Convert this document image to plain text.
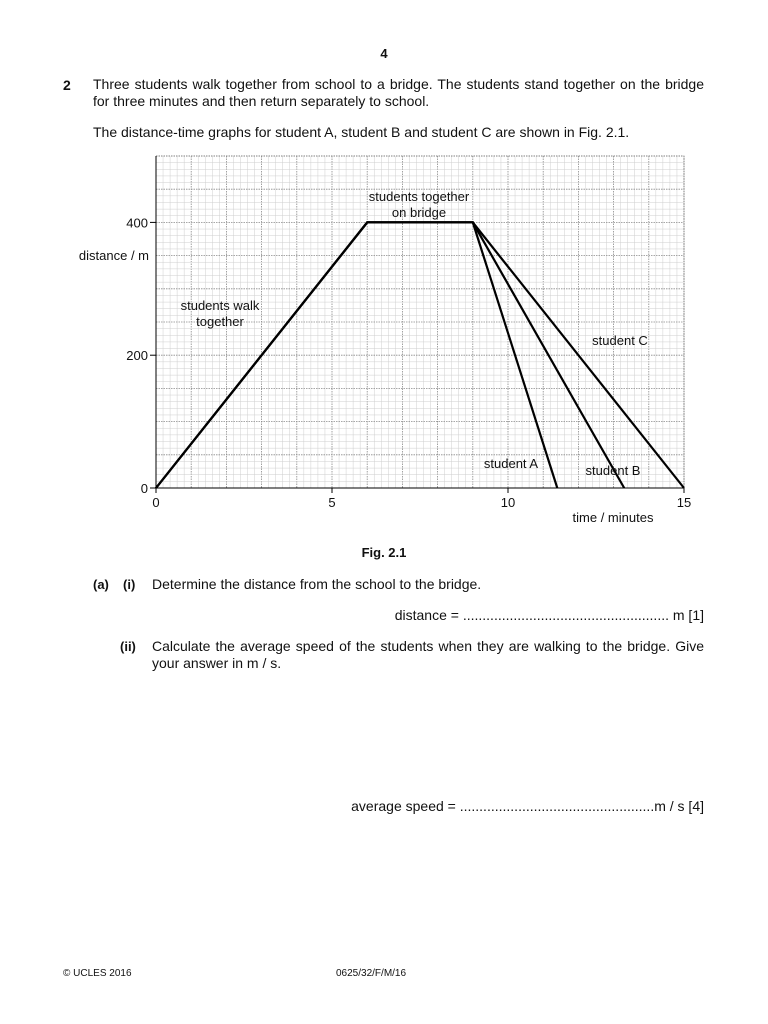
4
2 Three students walk together from school to a bridge. The students stand together on the bridge for three minutes and then return separately to school.
The distance-time graphs for student A, student B and student C are shown in Fig. 2.1.
0	5	10	15
0
200
400
distance / m
time / minutes
students walk
together
students together
on bridge
student A	student B
student C
Fig. 2.1
(a) (i) Determine the distance from the school to the bridge.
distance = ..................................................... m [1]
(ii) Calculate the average speed of the students when they are walking to the bridge. Give your answer in m / s.
average speed = ..................................................m / s [4]
© UCLES 2016	0625/32/F/M/16
